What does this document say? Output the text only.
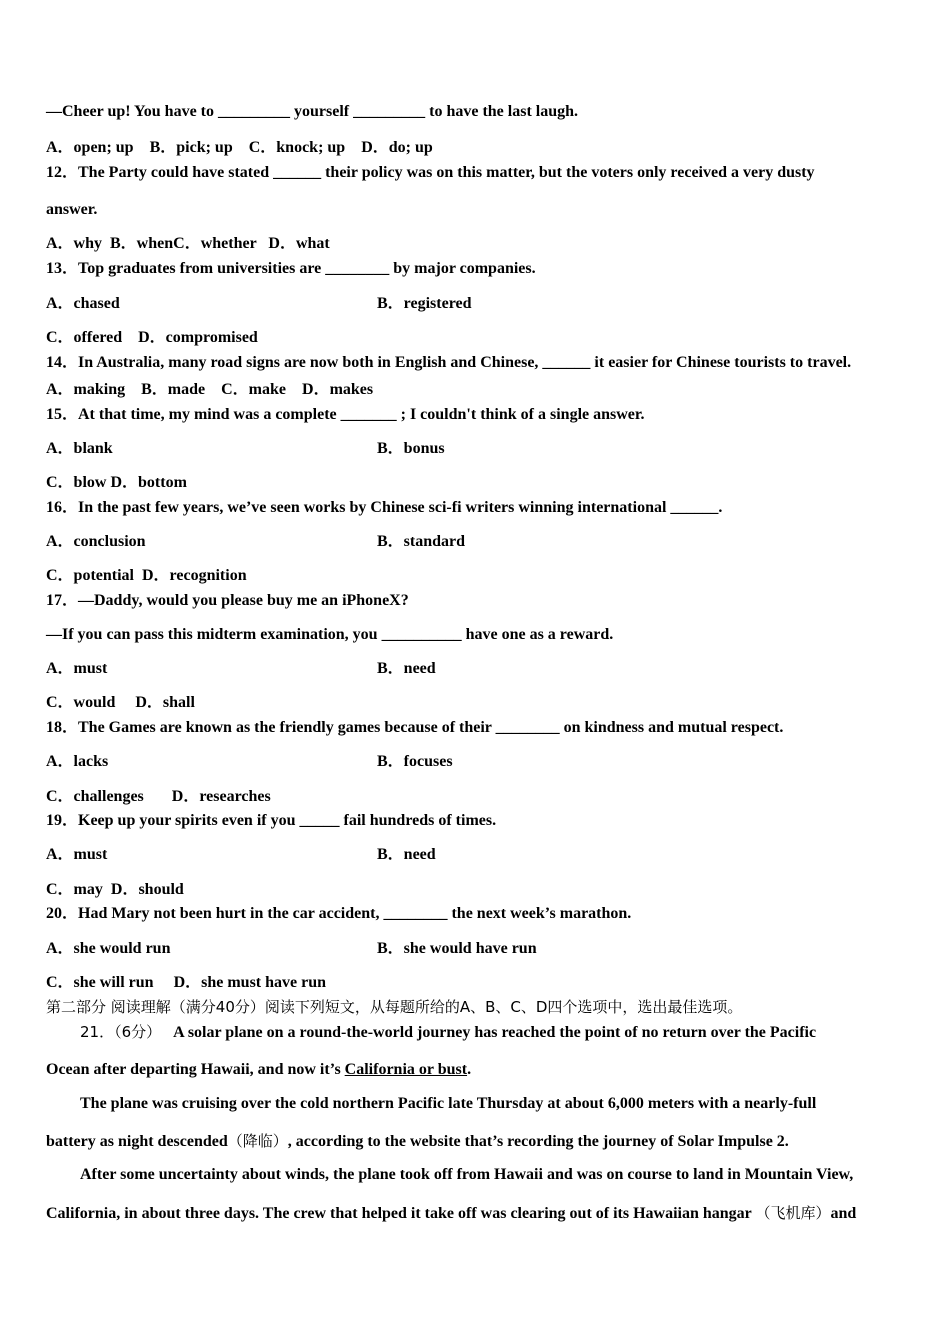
—Cheer up! You have to _________ yourself _________ to have the last laugh.
A．open; up    B．pick; up    C．knock; up    D．do; up
12．The Party could have stated ______ their policy was on this matter, but the voters only received a very dusty
answer.
A．why  B．whenC．whether   D．what
13．Top graduates from universities are ________ by major companies.
A．chased	B．registered
C．offered    D．compromised
14．In Australia, many road signs are now both in English and Chinese, ______ it easier for Chinese tourists to travel.
A．making    B．made    C．make    D．makes
15．At that time, my mind was a complete _______ ; I couldn't think of a single answer.
A．blank	B．bonus
C．blow D．bottom
16．In the past few years, we’ve seen works by Chinese sci-fi writers winning international ______.
A．conclusion	B．standard
C．potential  D．recognition
17．—Daddy, would you please buy me an iPhoneX?
—If you can pass this midterm examination, you __________ have one as a reward.
A．must	B．need
C．would     D．shall
18．The Games are known as the friendly games because of their ________ on kindness and mutual respect.
A．lacks	B．focuses
C．challenges       D．researches
19．Keep up your spirits even if you _____ fail hundreds of times.
A．must	B．need
C．may  D．should
20．Had Mary not been hurt in the car accident, ________ the next week’s marathon.
A．she would run	B．she would have run
C．she will run     D．she must have run
第二部分 阅读理解（满分40分）阅读下列短文，从每题所给的A、B、C、D四个选项中，选出最佳选项。
21．（6分） A solar plane on a round-the-world journey has reached the point of no return over the Pacific
Ocean after departing Hawaii, and now it’s California or bust.
The plane was cruising over the cold northern Pacific late Thursday at about 6,000 meters with a nearly-full
battery as night descended（降临）, according to the website that’s recording the journey of Solar Impulse 2.
After some uncertainty about winds, the plane took off from Hawaii and was on course to land in Mountain View,
California, in about three days. The crew that helped it take off was clearing out of its Hawaiian hangar （飞机库）and
